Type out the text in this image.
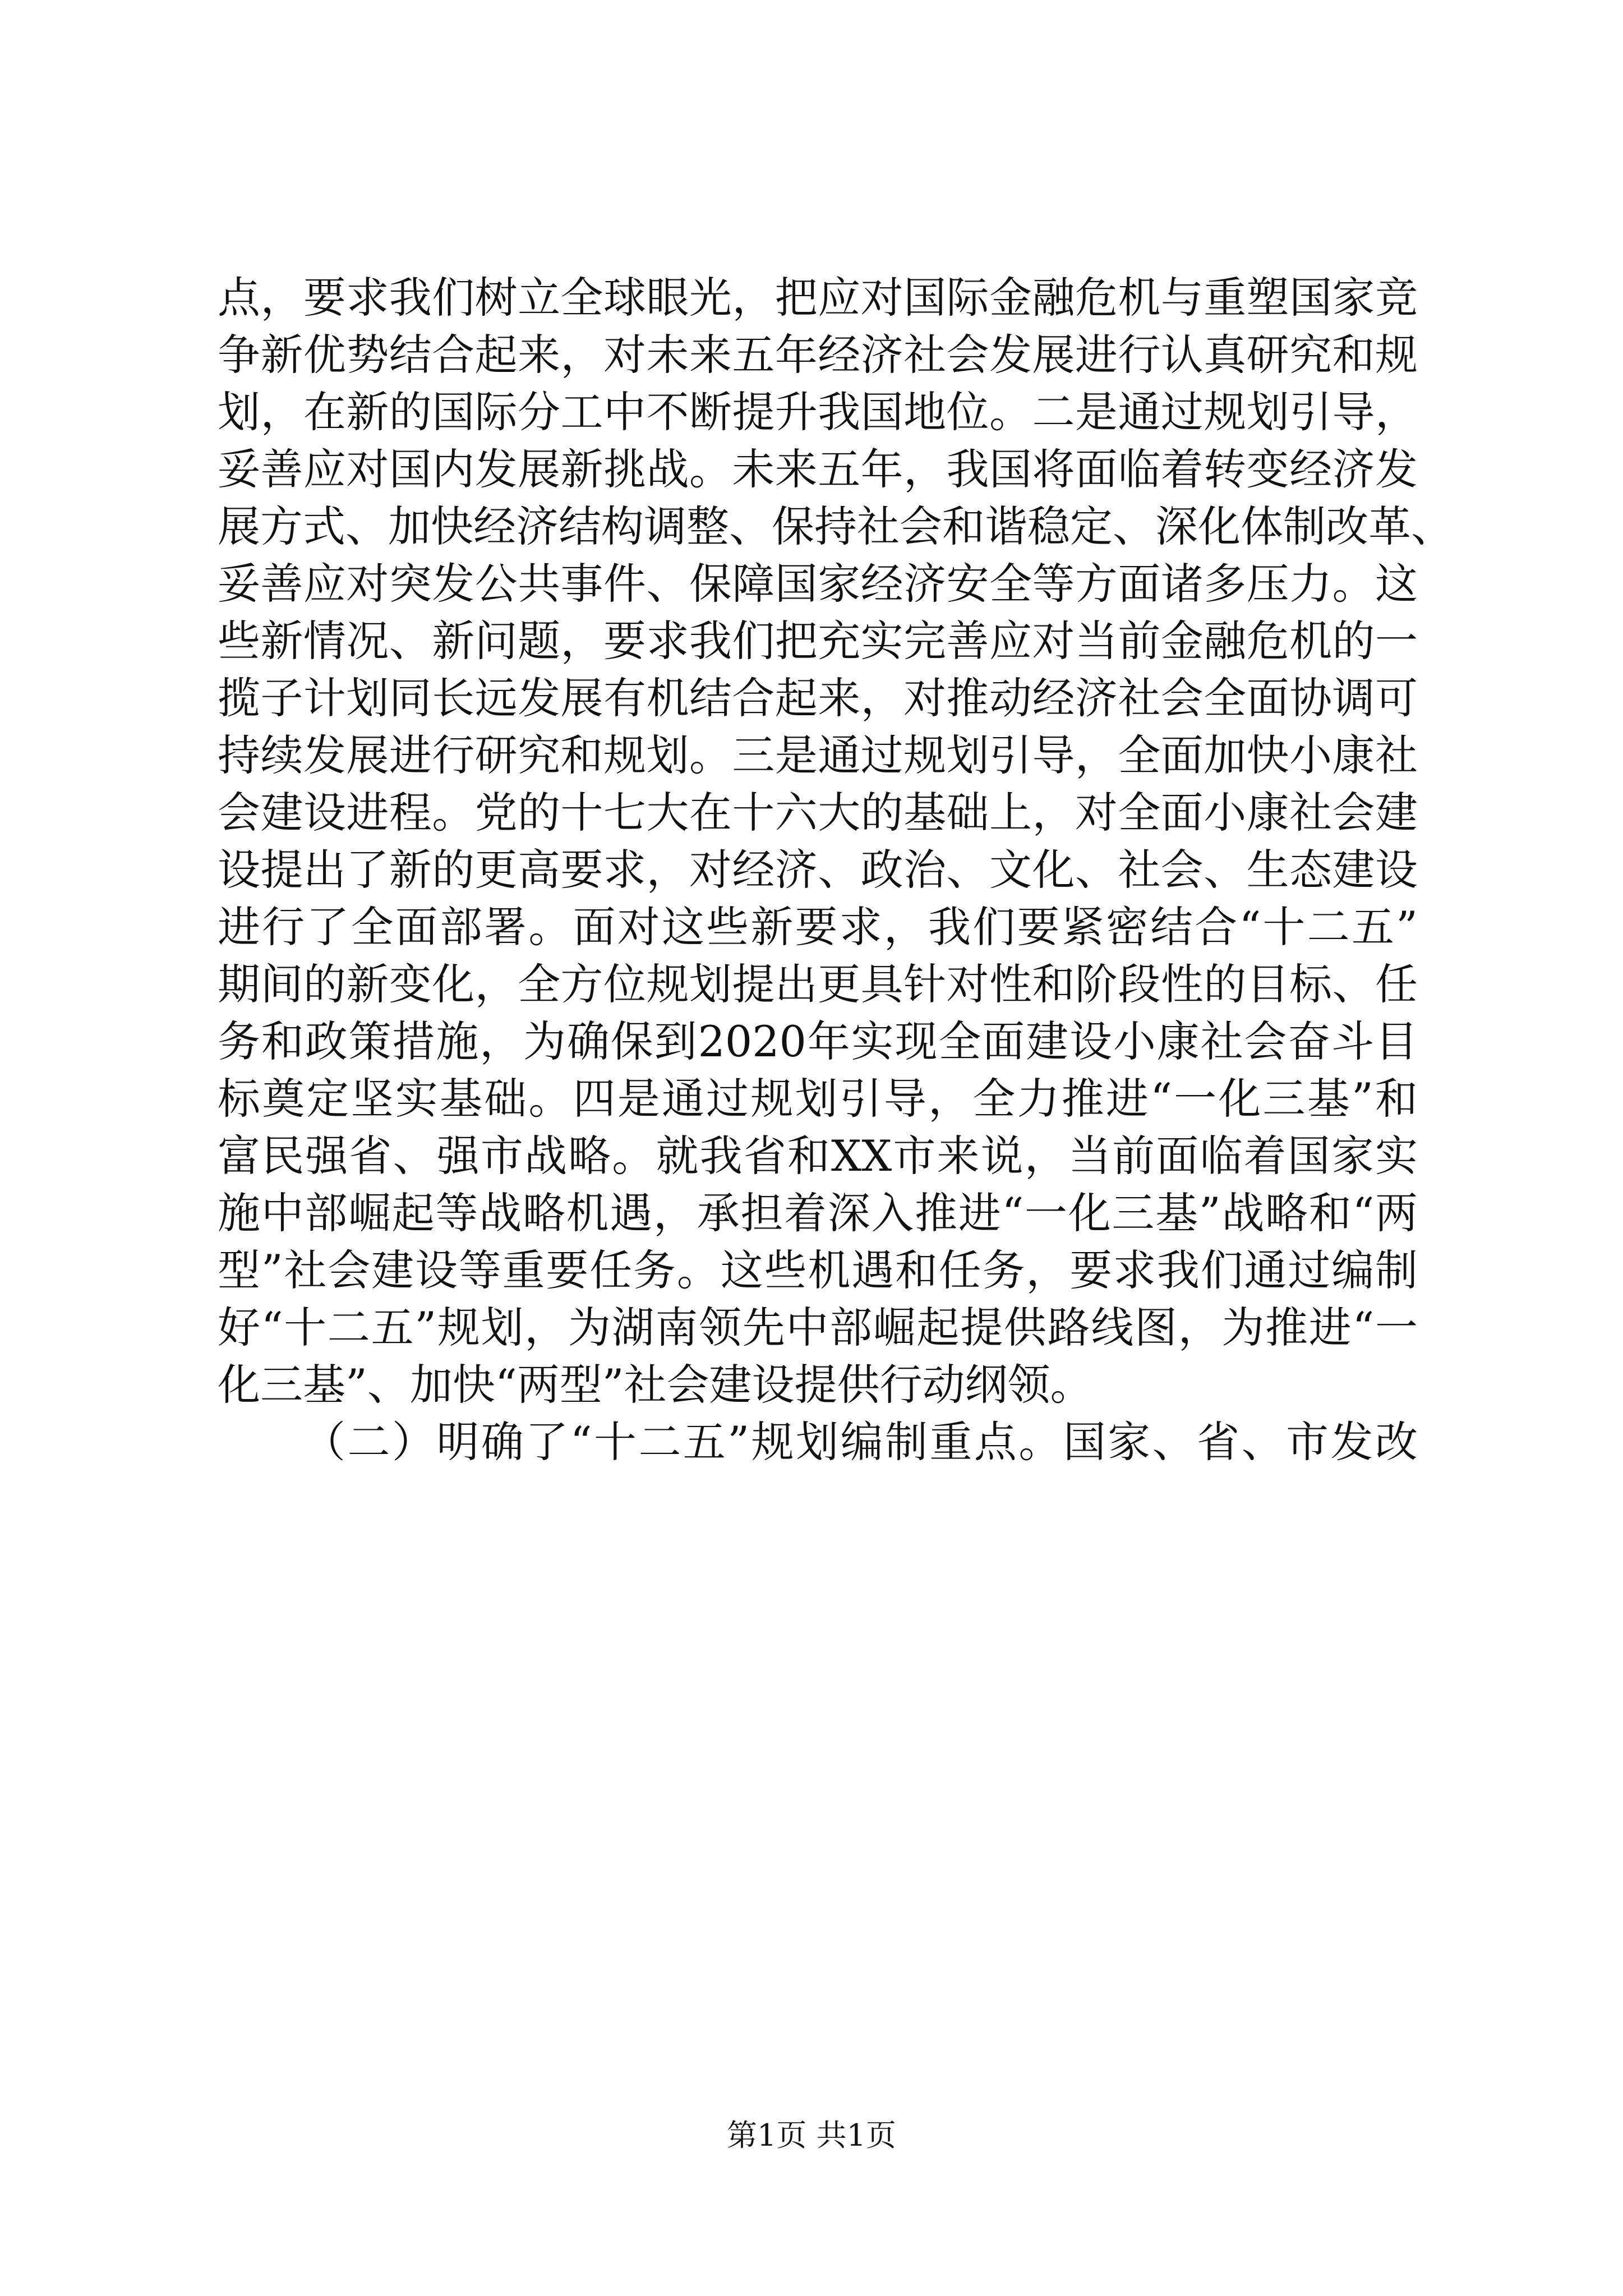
点，要求我们树立全球眼光，把应对国际金融危机与重塑国家竞
争新优势结合起来，对未来五年经济社会发展进行认真研究和规
划，在新的国际分工中不断提升我国地位。二是通过规划引导，
妥善应对国内发展新挑战。未来五年，我国将面临着转变经济发
展方式、加快经济结构调整、保持社会和谐稳定、深化体制改革、
妥善应对突发公共事件、保障国家经济安全等方面诸多压力。这
些新情况、新问题，要求我们把充实完善应对当前金融危机的一
揽子计划同长远发展有机结合起来，对推动经济社会全面协调可
持续发展进行研究和规划。三是通过规划引导，全面加快小康社
会建设进程。党的十七大在十六大的基础上，对全面小康社会建
设提出了新的更高要求，对经济、政治、文化、社会、生态建设
进行了全面部署。面对这些新要求，我们要紧密结合“十二五”
期间的新变化，全方位规划提出更具针对性和阶段性的目标、任
务和政策措施，为确保到2020年实现全面建设小康社会奋斗目
标奠定坚实基础。四是通过规划引导，全力推进“一化三基”和
富民强省、强市战略。就我省和XX市来说，当前面临着国家实
施中部崛起等战略机遇，承担着深入推进“一化三基”战略和“两
型”社会建设等重要任务。这些机遇和任务，要求我们通过编制
好“十二五”规划，为湖南领先中部崛起提供路线图，为推进“一
化三基”、加快“两型”社会建设提供行动纲领。
（二）明确了“十二五”规划编制重点。国家、省、市发改
第1页 共1页
